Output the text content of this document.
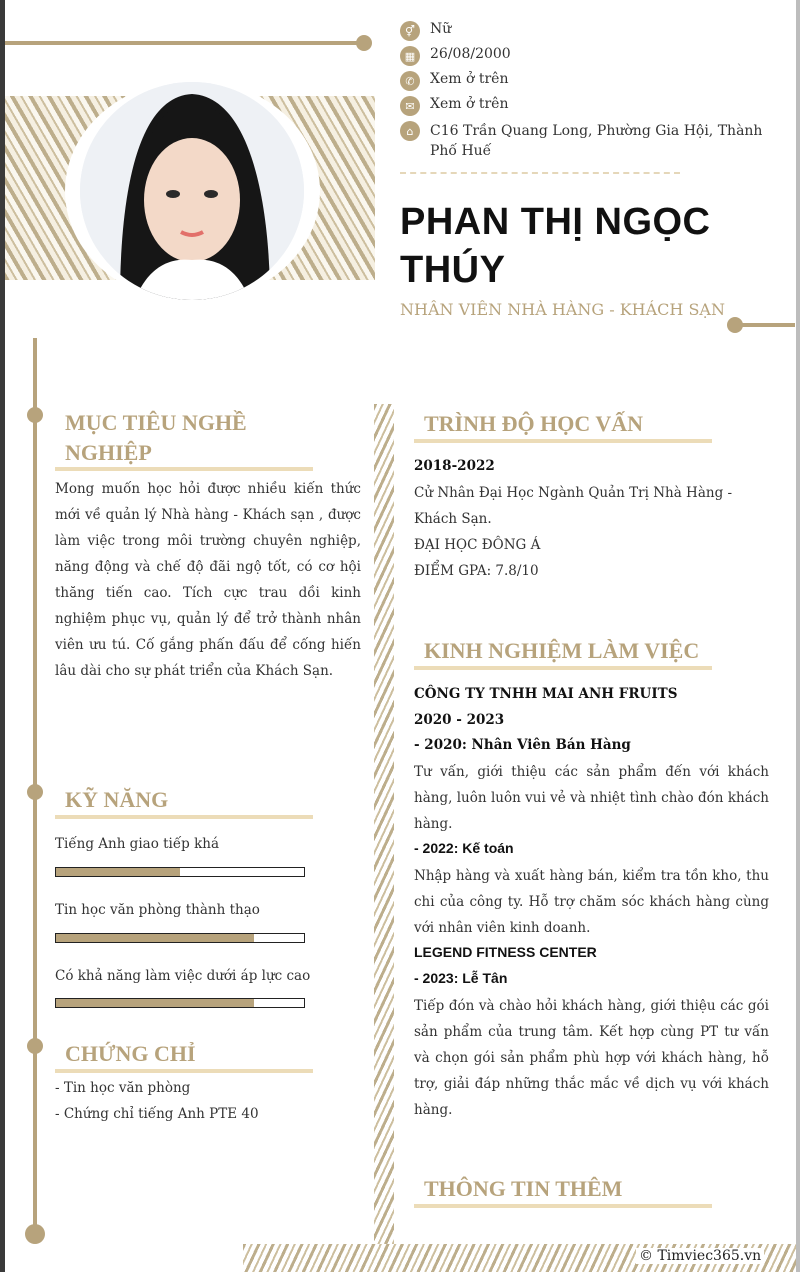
⚥	Nữ
▦	26/08/2000
✆	Xem ở trên
✉	Xem ở trên
⌂	C16 Trần Quang Long, Phường Gia Hội, Thành Phố Huế
PHAN THỊ NGỌC THÚY
NHÂN VIÊN NHÀ HÀNG - KHÁCH SẠN
© Timviec365.vn
MỤC TIÊU NGHỀ NGHIỆP
Mong muốn học hỏi được nhiều kiến thức mới về quản lý Nhà hàng - Khách sạn , được làm việc trong môi trường chuyên nghiệp, năng động và chế độ đãi ngộ tốt, có cơ hội thăng tiến cao. Tích cực trau dồi kinh nghiệm phục vụ, quản lý để trở thành nhân viên ưu tú. Cố gắng phấn đấu để cống hiến lâu dài cho sự phát triển của Khách Sạn.
KỸ NĂNG
Tiếng Anh giao tiếp khá
Tin học văn phòng thành thạo
Có khả năng làm việc dưới áp lực cao
CHỨNG CHỈ
- Tin học văn phòng
- Chứng chỉ tiếng Anh PTE 40
TRÌNH ĐỘ HỌC VẤN
2018-2022
Cử Nhân Đại Học Ngành Quản Trị Nhà Hàng - Khách Sạn.
ĐẠI HỌC ĐÔNG Á
ĐIỂM GPA: 7.8/10
KINH NGHIỆM LÀM VIỆC
CÔNG TY TNHH MAI ANH FRUITS
2020 - 2023
- 2020: Nhân Viên Bán Hàng
Tư vấn, giới thiệu các sản phẩm đến với khách hàng, luôn luôn vui vẻ và nhiệt tình chào đón khách hàng.
- 2022: Kế toán
Nhập hàng và xuất hàng bán, kiểm tra tồn kho, thu chi của công ty. Hỗ trợ chăm sóc khách hàng cùng với nhân viên kinh doanh.
LEGEND FITNESS CENTER
- 2023: Lễ Tân
Tiếp đón và chào hỏi khách hàng, giới thiệu các gói sản phẩm của trung tâm. Kết hợp cùng PT tư vấn và chọn gói sản phẩm phù hợp với khách hàng, hỗ trợ, giải đáp những thắc mắc về dịch vụ với khách hàng.
THÔNG TIN THÊM
